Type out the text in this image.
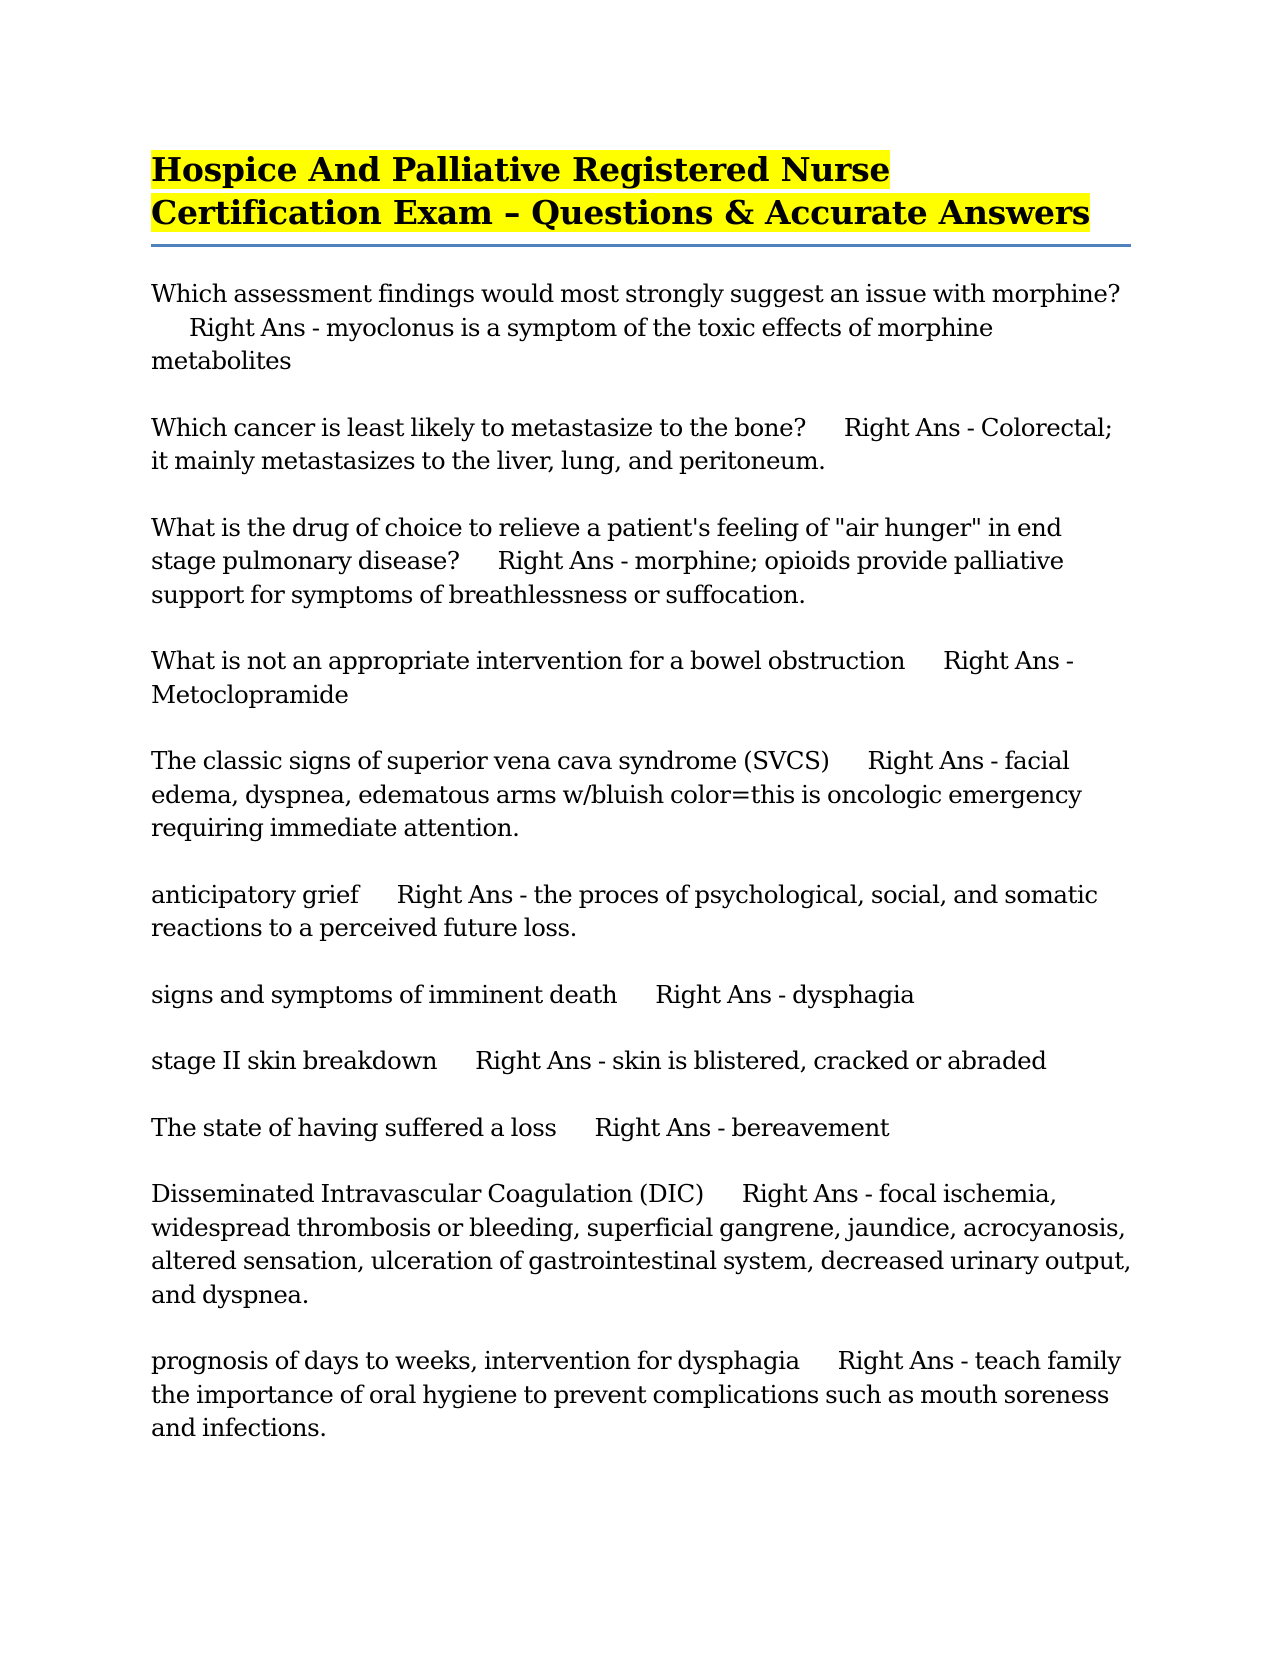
Hospice And Palliative Registered Nurse Certification Exam – Questions & Accurate Answers

Which assessment findings would most strongly suggest an issue with morphine?Right Ans - myoclonus is a symptom of the toxic effects of morphine metabolites

Which cancer is least likely to metastasize to the bone? Right Ans - Colorectal; it mainly metastasizes to the liver, lung, and peritoneum.

What is the drug of choice to relieve a patient's feeling of "air hunger" in end stage pulmonary disease? Right Ans - morphine; opioids provide palliative support for symptoms of breathlessness or suffocation.

What is not an appropriate intervention for a bowel obstruction Right Ans - Metoclopramide

The classic signs of superior vena cava syndrome (SVCS) Right Ans - facial edema, dyspnea, edematous arms w/bluish color=this is oncologic emergency requiring immediate attention.

anticipatory grief Right Ans - the proces of psychological, social, and somatic reactions to a perceived future loss.

signs and symptoms of imminent death Right Ans - dysphagia

stage II skin breakdown Right Ans - skin is blistered, cracked or abraded

The state of having suffered a loss Right Ans - bereavement

Disseminated Intravascular Coagulation (DIC) Right Ans - focal ischemia, widespread thrombosis or bleeding, superficial gangrene, jaundice, acrocyanosis, altered sensation, ulceration of gastrointestinal system, decreased urinary output, and dyspnea.

prognosis of days to weeks, intervention for dysphagia Right Ans - teach family the importance of oral hygiene to prevent complications such as mouth soreness and infections.
